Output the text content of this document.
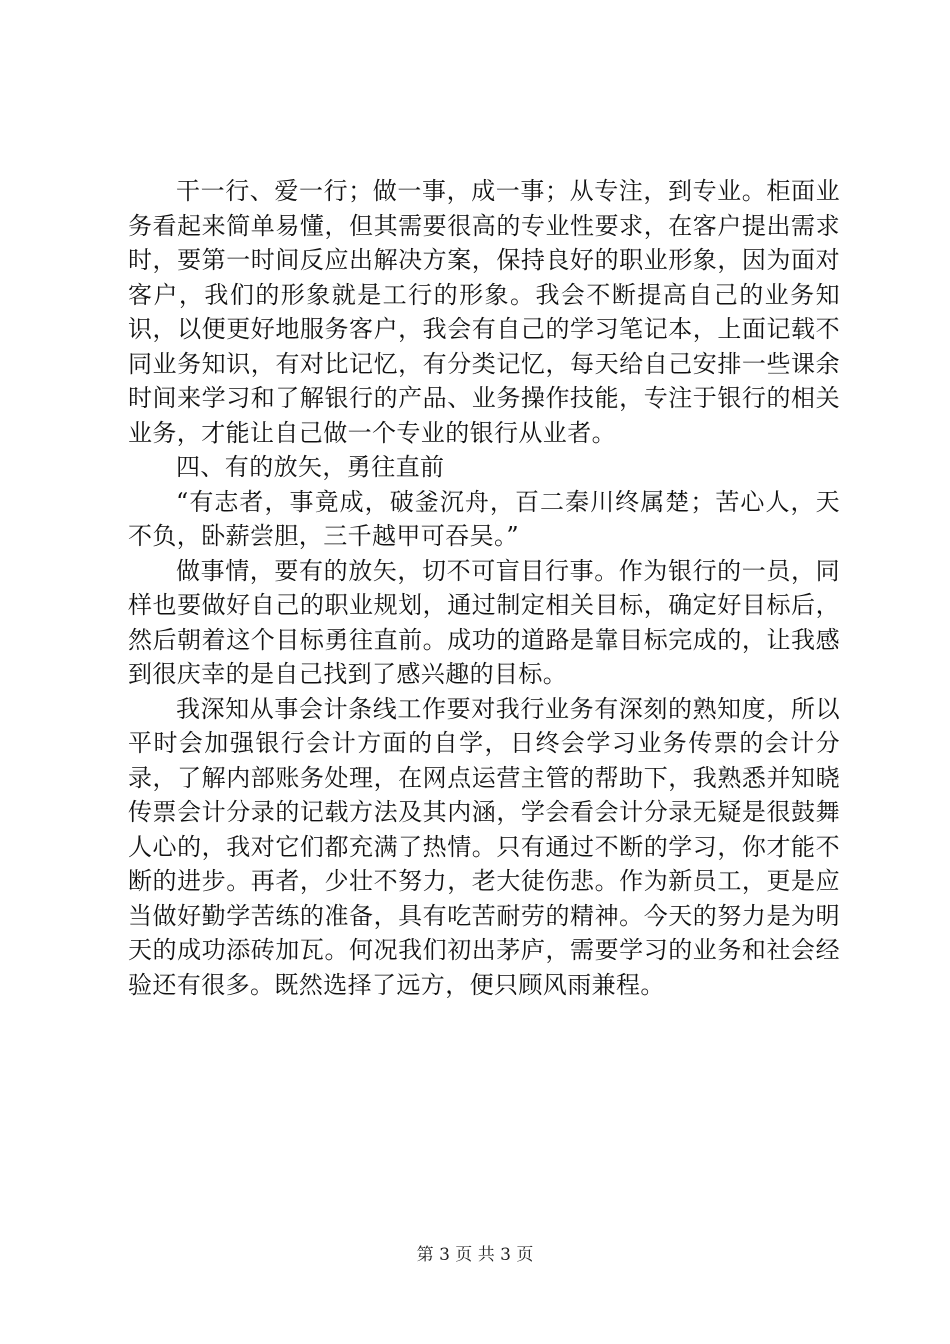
干一行、爱一行；做一事，成一事；从专注，到专业。柜面业务看起来简单易懂，但其需要很高的专业性要求，在客户提出需求时，要第一时间反应出解决方案，保持良好的职业形象，因为面对客户，我们的形象就是工行的形象。我会不断提高自己的业务知识，以便更好地服务客户，我会有自己的学习笔记本，上面记载不同业务知识，有对比记忆，有分类记忆，每天给自己安排一些课余时间来学习和了解银行的产品、业务操作技能，专注于银行的相关业务，才能让自己做一个专业的银行从业者。

四、有的放矢，勇往直前

“有志者，事竟成，破釜沉舟，百二秦川终属楚；苦心人，天不负，卧薪尝胆，三千越甲可吞吴。”

做事情，要有的放矢，切不可盲目行事。作为银行的一员，同样也要做好自己的职业规划，通过制定相关目标，确定好目标后，然后朝着这个目标勇往直前。成功的道路是靠目标完成的，让我感到很庆幸的是自己找到了感兴趣的目标。

我深知从事会计条线工作要对我行业务有深刻的熟知度，所以平时会加强银行会计方面的自学，日终会学习业务传票的会计分录，了解内部账务处理，在网点运营主管的帮助下，我熟悉并知晓传票会计分录的记载方法及其内涵，学会看会计分录无疑是很鼓舞人心的，我对它们都充满了热情。只有通过不断的学习，你才能不断的进步。再者，少壮不努力，老大徒伤悲。作为新员工，更是应当做好勤学苦练的准备，具有吃苦耐劳的精神。今天的努力是为明天的成功添砖加瓦。何况我们初出茅庐，需要学习的业务和社会经验还有很多。既然选择了远方，便只顾风雨兼程。

第 3 页 共 3 页
